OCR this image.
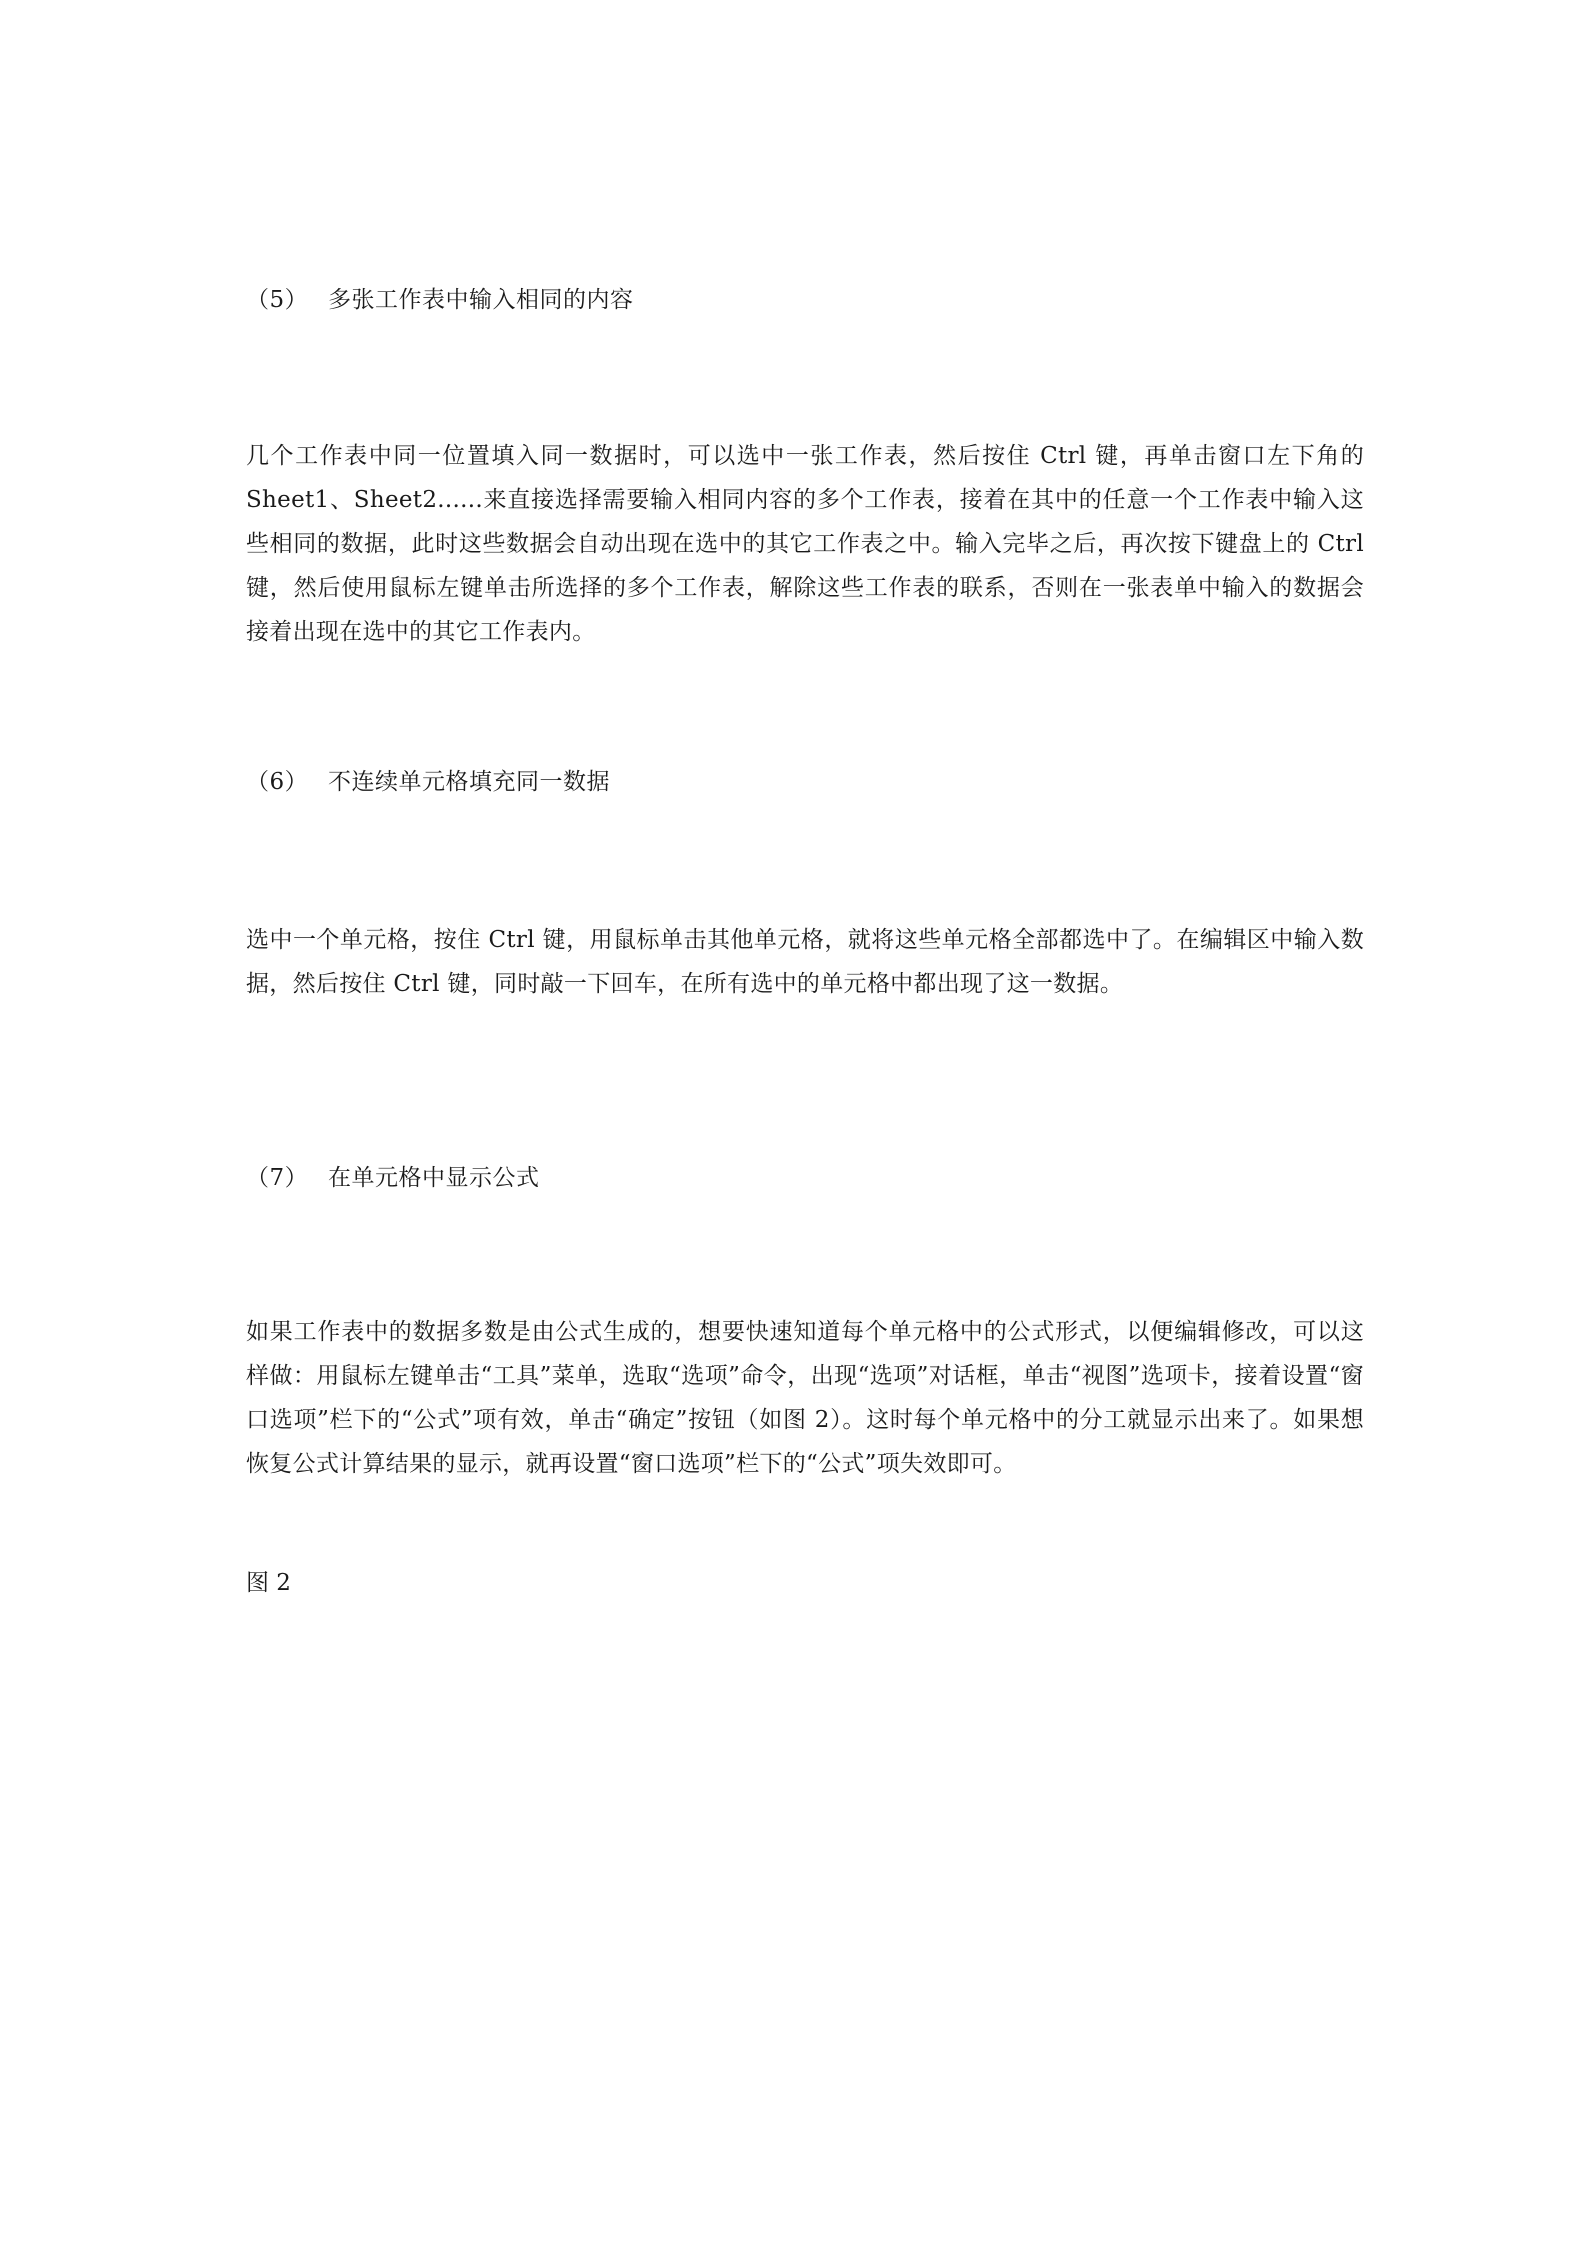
（5） 多张工作表中输入相同的内容
几个工作表中同一位置填入同一数据时，可以选中一张工作表，然后按住 Ctrl 键，再单击窗口左下角的 Sheet1、Sheet2......来直接选择需要输入相同内容的多个工作表，接着在其中的任意一个工作表中输入这些相同的数据，此时这些数据会自动出现在选中的其它工作表之中。输入完毕之后，再次按下键盘上的 Ctrl 键，然后使用鼠标左键单击所选择的多个工作表，解除这些工作表的联系，否则在一张表单中输入的数据会接着出现在选中的其它工作表内。
（6） 不连续单元格填充同一数据
选中一个单元格，按住 Ctrl 键，用鼠标单击其他单元格，就将这些单元格全部都选中了。在编辑区中输入数据，然后按住 Ctrl 键，同时敲一下回车，在所有选中的单元格中都出现了这一数据。
（7） 在单元格中显示公式
如果工作表中的数据多数是由公式生成的，想要快速知道每个单元格中的公式形式，以便编辑修改，可以这样做：用鼠标左键单击“工具”菜单，选取“选项”命令，出现“选项”对话框，单击“视图”选项卡，接着设置“窗口选项”栏下的“公式”项有效，单击“确定”按钮（如图 2）。这时每个单元格中的分工就显示出来了。如果想恢复公式计算结果的显示，就再设置“窗口选项”栏下的“公式”项失效即可。
图 2
